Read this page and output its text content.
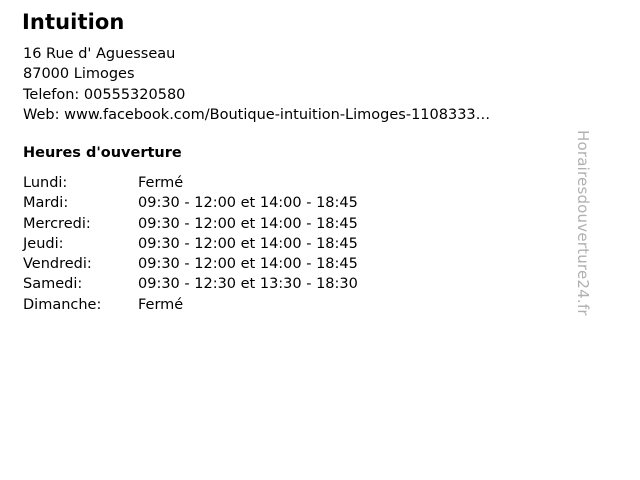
Intuition
16 Rue d' Aguesseau
87000 Limoges
Telefon: 00555320580
Web: www.facebook.com/Boutique-intuition-Limoges-1108333…
Heures d'ouverture
Lundi:	Fermé
Mardi:	09:30 - 12:00 et 14:00 - 18:45
Mercredi:	09:30 - 12:00 et 14:00 - 18:45
Jeudi:	09:30 - 12:00 et 14:00 - 18:45
Vendredi:	09:30 - 12:00 et 14:00 - 18:45
Samedi:	09:30 - 12:30 et 13:30 - 18:30
Dimanche:	Fermé	Horairesdouverture24.fr
